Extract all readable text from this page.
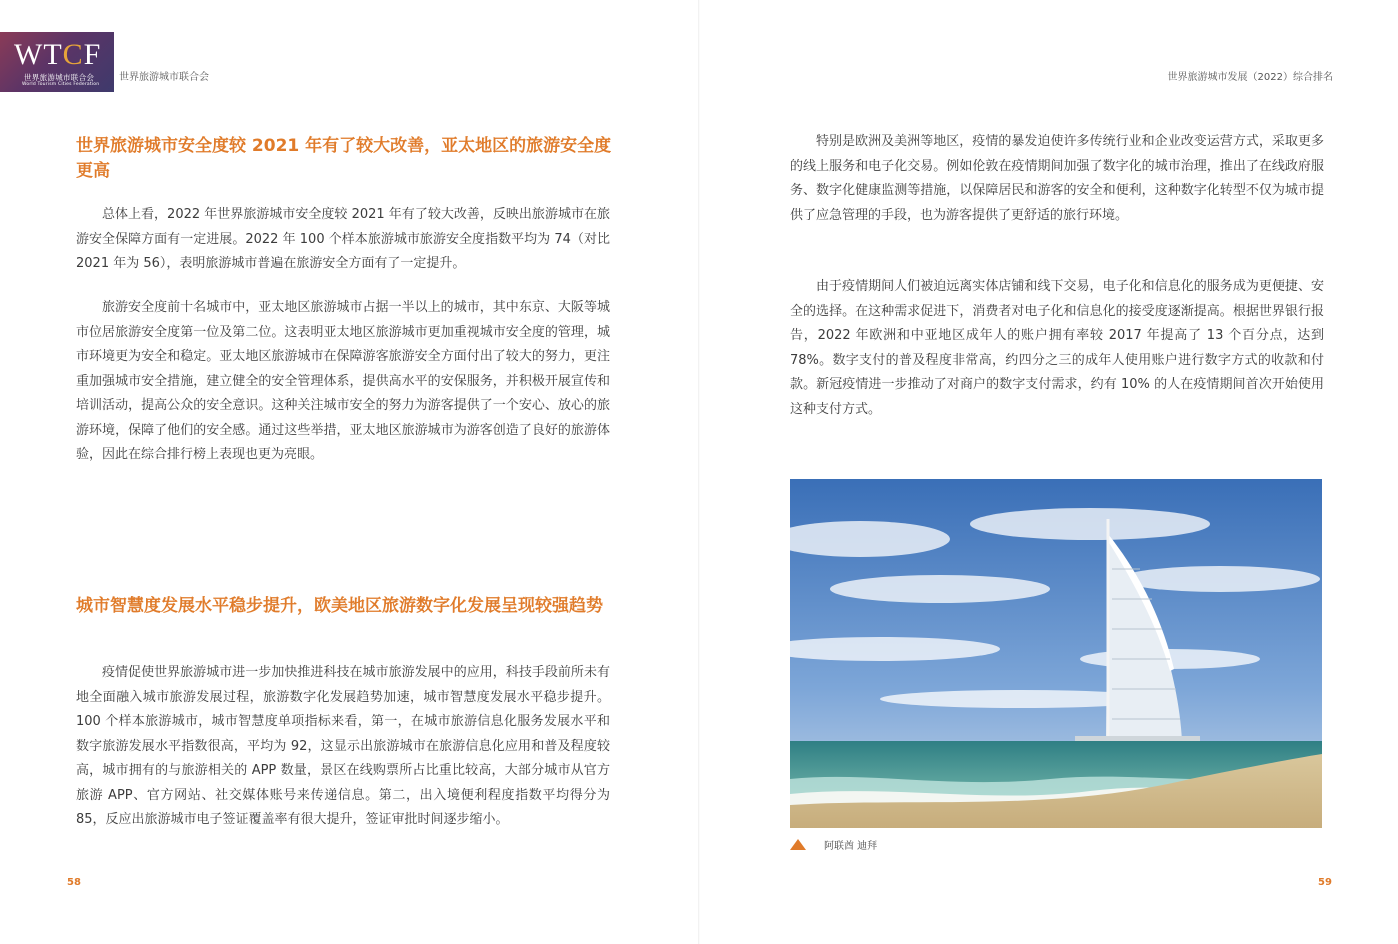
WTCF
世界旅游城市联合会
World Tourism Cities Federation
世界旅游城市联合会	世界旅游城市发展（2022）综合排名
世界旅游城市安全度较 2021 年有了较大改善，亚太地区的旅游安全度更高

总体上看，2022 年世界旅游城市安全度较 2021 年有了较大改善，反映出旅游城市在旅游安全保障方面有一定进展。2022 年 100 个样本旅游城市旅游安全度指数平均为 74（对比 2021 年为 56），表明旅游城市普遍在旅游安全方面有了一定提升。

旅游安全度前十名城市中，亚太地区旅游城市占据一半以上的城市，其中东京、大阪等城市位居旅游安全度第一位及第二位。这表明亚太地区旅游城市更加重视城市安全度的管理，城市环境更为安全和稳定。亚太地区旅游城市在保障游客旅游安全方面付出了较大的努力，更注重加强城市安全措施，建立健全的安全管理体系，提供高水平的安保服务，并积极开展宣传和培训活动，提高公众的安全意识。这种关注城市安全的努力为游客提供了一个安心、放心的旅游环境，保障了他们的安全感。通过这些举措，亚太地区旅游城市为游客创造了良好的旅游体验，因此在综合排行榜上表现也更为亮眼。

城市智慧度发展水平稳步提升，欧美地区旅游数字化发展呈现较强趋势

疫情促使世界旅游城市进一步加快推进科技在城市旅游发展中的应用，科技手段前所未有地全面融入城市旅游发展过程，旅游数字化发展趋势加速，城市智慧度发展水平稳步提升。100 个样本旅游城市，城市智慧度单项指标来看，第一，在城市旅游信息化服务发展水平和数字旅游发展水平指数很高，平均为 92，这显示出旅游城市在旅游信息化应用和普及程度较高，城市拥有的与旅游相关的 APP 数量，景区在线购票所占比重比较高，大部分城市从官方旅游 APP、官方网站、社交媒体账号来传递信息。第二，出入境便利程度指数平均得分为 85，反应出旅游城市电子签证覆盖率有很大提升，签证审批时间逐步缩小。

58

特别是欧洲及美洲等地区，疫情的暴发迫使许多传统行业和企业改变运营方式，采取更多的线上服务和电子化交易。例如伦敦在疫情期间加强了数字化的城市治理，推出了在线政府服务、数字化健康监测等措施，以保障居民和游客的安全和便利，这种数字化转型不仅为城市提供了应急管理的手段，也为游客提供了更舒适的旅行环境。

由于疫情期间人们被迫远离实体店铺和线下交易，电子化和信息化的服务成为更便捷、安全的选择。在这种需求促进下，消费者对电子化和信息化的接受度逐渐提高。根据世界银行报告，2022 年欧洲和中亚地区成年人的账户拥有率较 2017 年提高了 13 个百分点，达到 78%。数字支付的普及程度非常高，约四分之三的成年人使用账户进行数字方式的收款和付款。新冠疫情进一步推动了对商户的数字支付需求，约有 10% 的人在疫情期间首次开始使用这种支付方式。

阿联酋 迪拜
59
